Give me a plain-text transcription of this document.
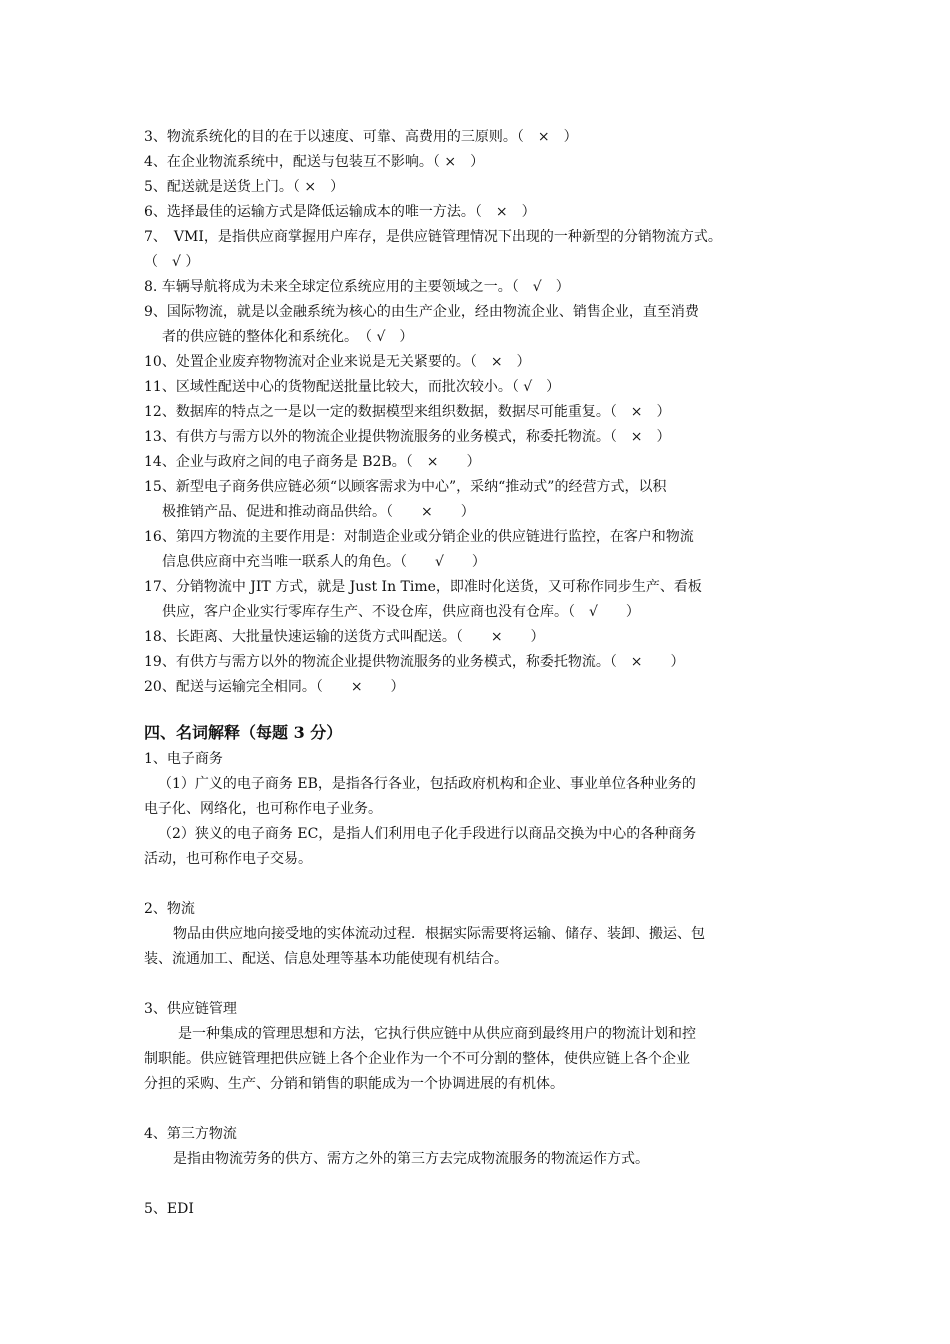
3、物流系统化的目的在于以速度、可靠、高费用的三原则。（　×　）
4、在企业物流系统中，配送与包装互不影响。（ ×　）
5、配送就是送货上门。（ ×　）
6、选择最佳的运输方式是降低运输成本的唯一方法。（　×　）
7、　VMI，是指供应商掌握用户库存，是供应链管理情况下出现的一种新型的分销物流方式。
（　√ ）
8. 车辆导航将成为未来全球定位系统应用的主要领域之一。（　√　）
9、国际物流，就是以金融系统为核心的由生产企业，经由物流企业、销售企业，直至消费
者的供应链的整体化和系统化。　（ √　）
10、处置企业废弃物物流对企业来说是无关紧要的。（　×　）
11、区域性配送中心的货物配送批量比较大，而批次较小。（ √　）
12、数据库的特点之一是以一定的数据模型来组织数据，数据尽可能重复。（　×　）
13、有供方与需方以外的物流企业提供物流服务的业务模式，称委托物流。（　×　）
14、企业与政府之间的电子商务是 B2B。（　×　　）
15、新型电子商务供应链必须“以顾客需求为中心”，采纳“推动式”的经营方式，以积
极推销产品、促进和推动商品供给。（　　×　　）
16、第四方物流的主要作用是：对制造企业或分销企业的供应链进行监控，在客户和物流
信息供应商中充当唯一联系人的角色。（　　√　　）
17、分销物流中 JIT 方式，就是 Just In Time，即准时化送货，又可称作同步生产、看板
供应，客户企业实行零库存生产、不设仓库，供应商也没有仓库。（　√　　）
18、长距离、大批量快速运输的送货方式叫配送。（　　×　　）
19、有供方与需方以外的物流企业提供物流服务的业务模式，称委托物流。（　×　　）
20、配送与运输完全相同。（　　×　　）
四、名词解释（每题 3 分）
1、电子商务
（1）广义的电子商务 EB，是指各行各业，包括政府机构和企业、事业单位各种业务的
电子化、网络化，也可称作电子业务。
（2）狭义的电子商务 EC，是指人们利用电子化手段进行以商品交换为中心的各种商务
活动，也可称作电子交易。
2、物流
物品由供应地向接受地的实体流动过程．根据实际需要将运输、储存、装卸、搬运、包
装、流通加工、配送、信息处理等基本功能使现有机结合。
3、供应链管理
是一种集成的管理思想和方法，它执行供应链中从供应商到最终用户的物流计划和控
制职能。供应链管理把供应链上各个企业作为一个不可分割的整体，使供应链上各个企业
分担的采购、生产、分销和销售的职能成为一个协调进展的有机体。
4、第三方物流
是指由物流劳务的供方、需方之外的第三方去完成物流服务的物流运作方式。
5、EDI
